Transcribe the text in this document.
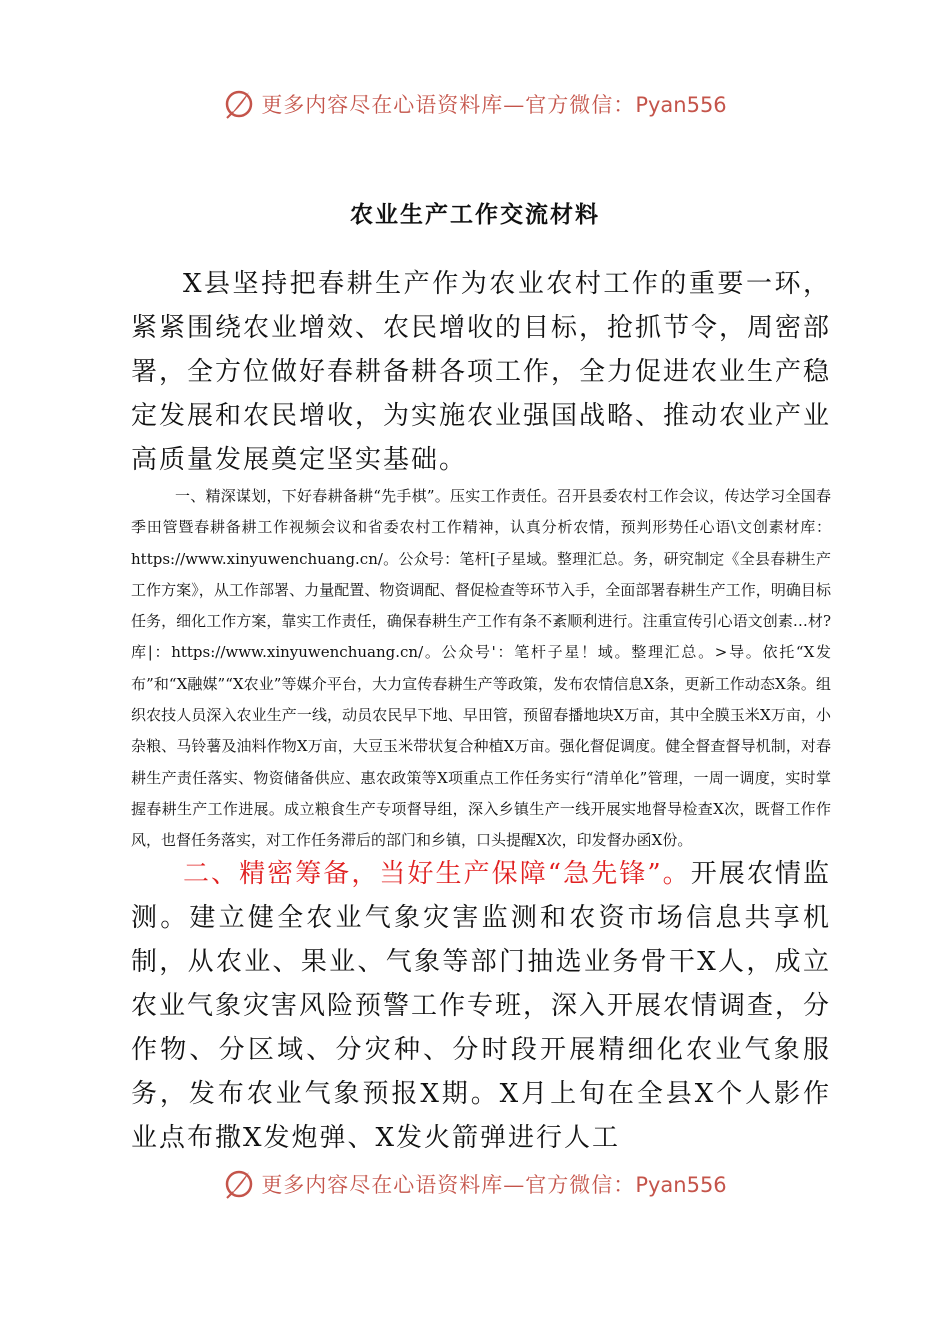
更多内容尽在心语资料库—官方微信：Pyan556
农业生产工作交流材料

X县坚持把春耕生产作为农业农村工作的重要一环，紧紧围绕农业增效、农民增收的目标，抢抓节令，周密部署，全方位做好春耕备耕各项工作，全力促进农业生产稳定发展和农民增收，为实施农业强国战略、推动农业产业高质量发展奠定坚实基础。

一、精深谋划，下好春耕备耕“先手棋”。压实工作责任。召开县委农村工作会议，传达学习全国春季田管暨春耕备耕工作视频会议和省委农村工作精神，认真分析农情，预判形势任心语\文创素材库：https://www.xinyuwenchuang.cn/。公众号：笔杆[子星域。整理汇总。务，研究制定《全县春耕生产工作方案》，从工作部署、力量配置、物资调配、督促检查等环节入手，全面部署春耕生产工作，明确目标任务，细化工作方案，靠实工作责任，确保春耕生产工作有条不紊顺利进行。注重宣传引心语文创素…材?库|：https://www.xinyuwenchuang.cn/。公众号'：笔杆子星！域。整理汇总。>导。依托“X发布”和“X融媒”“X农业”等媒介平台，大力宣传春耕生产等政策，发布农情信息X条，更新工作动态X条。组织农技人员深入农业生产一线，动员农民早下地、早田管，预留春播地块X万亩，其中全膜玉米X万亩，小杂粮、马铃薯及油料作物X万亩，大豆玉米带状复合种植X万亩。强化督促调度。健全督查督导机制，对春耕生产责任落实、物资储备供应、惠农政策等X项重点工作任务实行“清单化”管理，一周一调度，实时掌握春耕生产工作进展。成立粮食生产专项督导组，深入乡镇生产一线开展实地督导检查X次，既督工作作风，也督任务落实，对工作任务滞后的部门和乡镇，口头提醒X次，印发督办函X份。

二、精密筹备，当好生产保障“急先锋”。开展农情监测。建立健全农业气象灾害监测和农资市场信息共享机制，从农业、果业、气象等部门抽选业务骨干X人，成立农业气象灾害风险预警工作专班，深入开展农情调查，分作物、分区域、分灾种、分时段开展精细化农业气象服务，发布农业气象预报X期。X月上旬在全县X个人影作业点布撒X发炮弹、X发火箭弹进行人工

更多内容尽在心语资料库—官方微信：Pyan556
